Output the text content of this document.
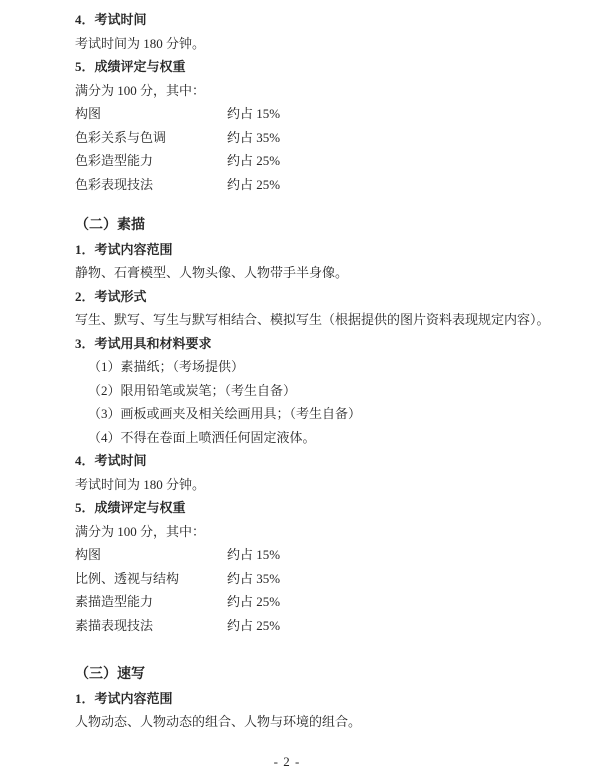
4．考试时间

考试时间为 180 分钟。

5．成绩评定与权重

满分为 100 分，其中：

构图	约占 15%
色彩关系与色调	约占 35%
色彩造型能力	约占 25%
色彩表现技法	约占 25%

（二）素描

1．考试内容范围

静物、石膏模型、人物头像、人物带手半身像。

2．考试形式

写生、默写、写生与默写相结合、模拟写生（根据提供的图片资料表现规定内容）。

3．考试用具和材料要求

（1）素描纸；（考场提供）

（2）限用铅笔或炭笔；（考生自备）

（3）画板或画夹及相关绘画用具；（考生自备）

（4）不得在卷面上喷洒任何固定液体。

4．考试时间

考试时间为 180 分钟。

5．成绩评定与权重

满分为 100 分，其中：

构图	约占 15%
比例、透视与结构	约占 35%
素描造型能力	约占 25%
素描表现技法	约占 25%

（三）速写

1．考试内容范围

人物动态、人物动态的组合、人物与环境的组合。

- 2 -
